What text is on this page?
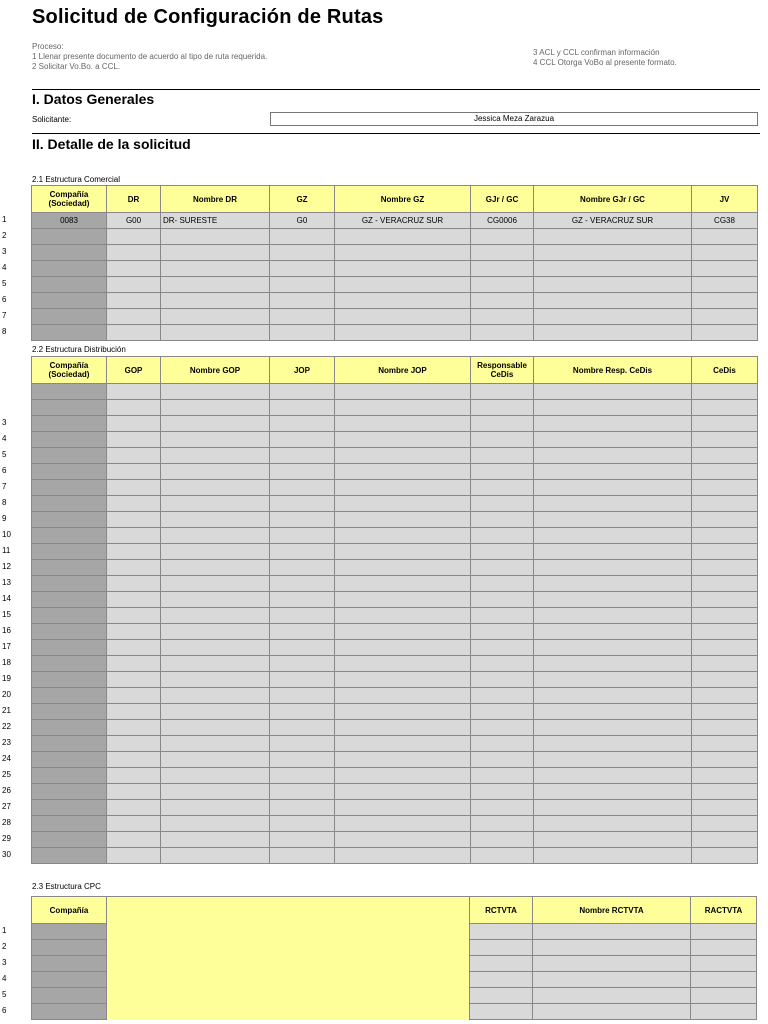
Solicitud de Configuración de Rutas
Proceso:
1 Llenar presente documento de acuerdo al tipo de ruta requerida.
2 Solicitar Vo.Bo. a CCL.
3 ACL y CCL confirman información
4 CCL Otorga VoBo al presente formato.
I. Datos Generales
Solicitante:	Jessica Meza Zarazua
II. Detalle de la solicitud
2.1 Estructura Comercial
Compañía (Sociedad)	DR	Nombre DR	GZ	Nombre GZ	GJr / GC	Nombre GJr / GC	JV
0083	G00	DR- SURESTE	G0	GZ - VERACRUZ SUR	CG0006	GZ - VERACRUZ SUR	CG38

2.2 Estructura Distribución
Compañía (Sociedad)	GOP	Nombre GOP	JOP	Nombre JOP	Responsable CeDis	Nombre Resp. CeDis	CeDis

2.3 Estructura CPC
Compañía		RCTVTA	Nombre RCTVTA	RACTVTA

1
2
3
4
5
6
7
8
3
4
5
6
7
8
9
10
11
12
13
14
15
16
17
18
19
20
21
22
23
24
25
26
27
28
29
30
1
2
3
4
5
6
